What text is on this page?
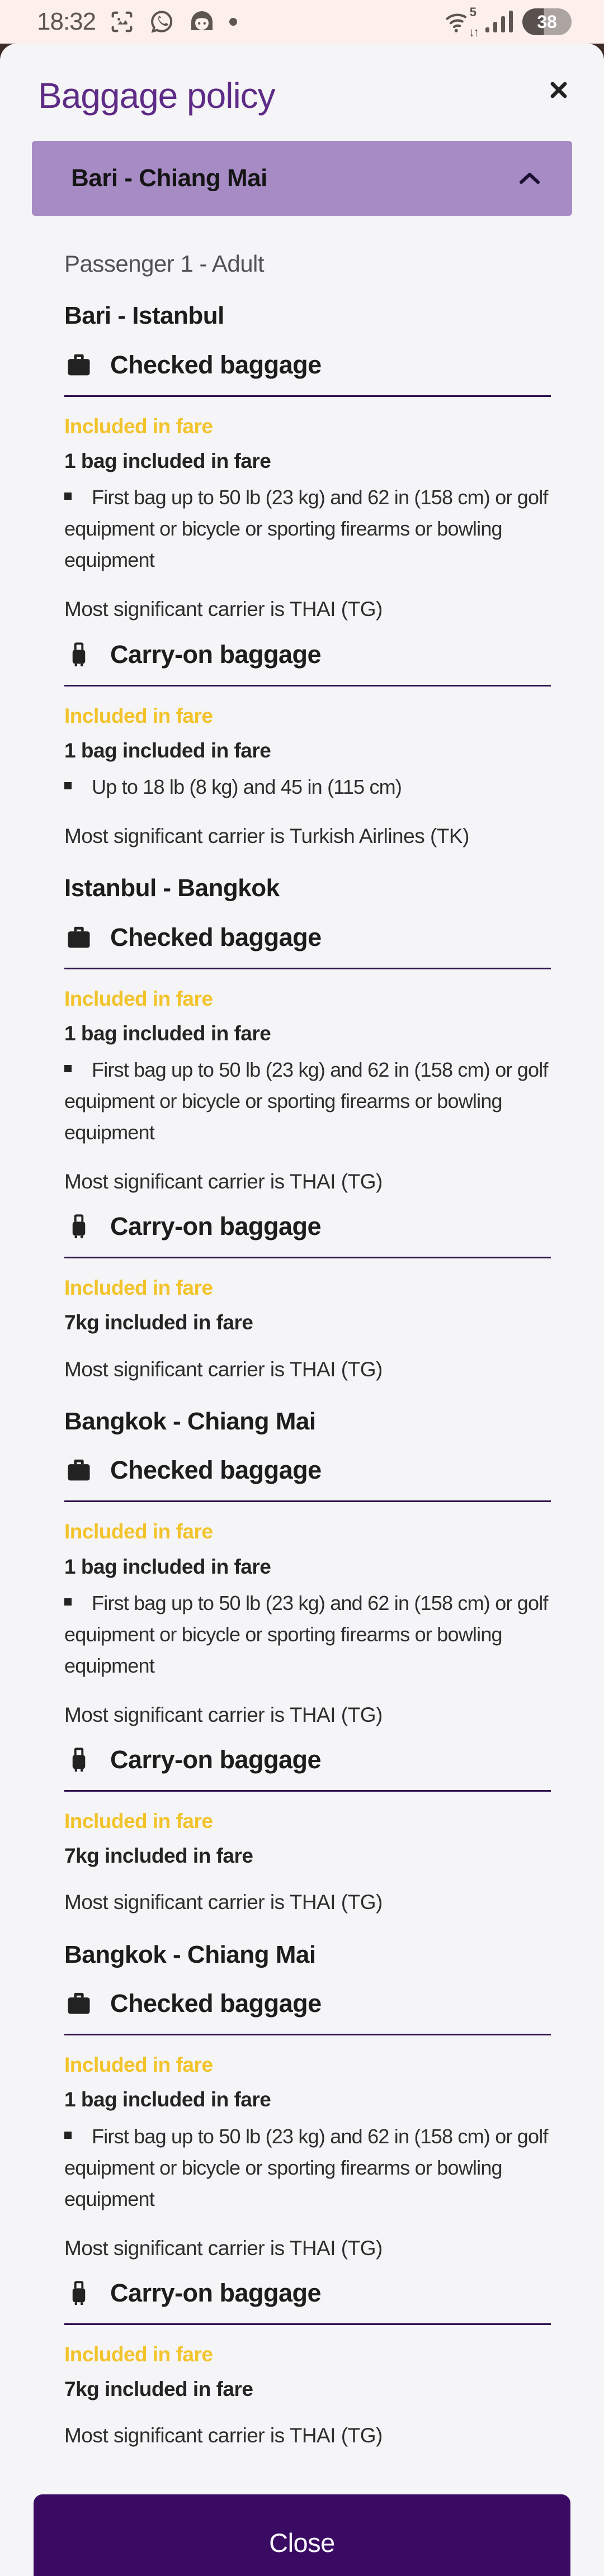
18:32	5
↓↑
38
Baggage policy
Bari - Chiang Mai
Passenger 1 - Adult
Bari - Istanbul
Checked baggage
Included in fare
1 bag included in fare
First bag up to 50 lb (23 kg) and 62 in (158 cm) or golf equipment or bicycle or sporting firearms or bowling equipment
Most significant carrier is THAI (TG)
Carry-on baggage
Included in fare
1 bag included in fare
Up to 18 lb (8 kg) and 45 in (115 cm)
Most significant carrier is Turkish Airlines (TK)
Istanbul - Bangkok
Checked baggage
Included in fare
1 bag included in fare
First bag up to 50 lb (23 kg) and 62 in (158 cm) or golf equipment or bicycle or sporting firearms or bowling equipment
Most significant carrier is THAI (TG)
Carry-on baggage
Included in fare
7kg included in fare
Most significant carrier is THAI (TG)
Bangkok - Chiang Mai
Checked baggage
Included in fare
1 bag included in fare
First bag up to 50 lb (23 kg) and 62 in (158 cm) or golf equipment or bicycle or sporting firearms or bowling equipment
Most significant carrier is THAI (TG)
Carry-on baggage
Included in fare
7kg included in fare
Most significant carrier is THAI (TG)
Bangkok - Chiang Mai
Checked baggage
Included in fare
1 bag included in fare
First bag up to 50 lb (23 kg) and 62 in (158 cm) or golf equipment or bicycle or sporting firearms or bowling equipment
Most significant carrier is THAI (TG)
Carry-on baggage
Included in fare
7kg included in fare
Most significant carrier is THAI (TG)
Close
